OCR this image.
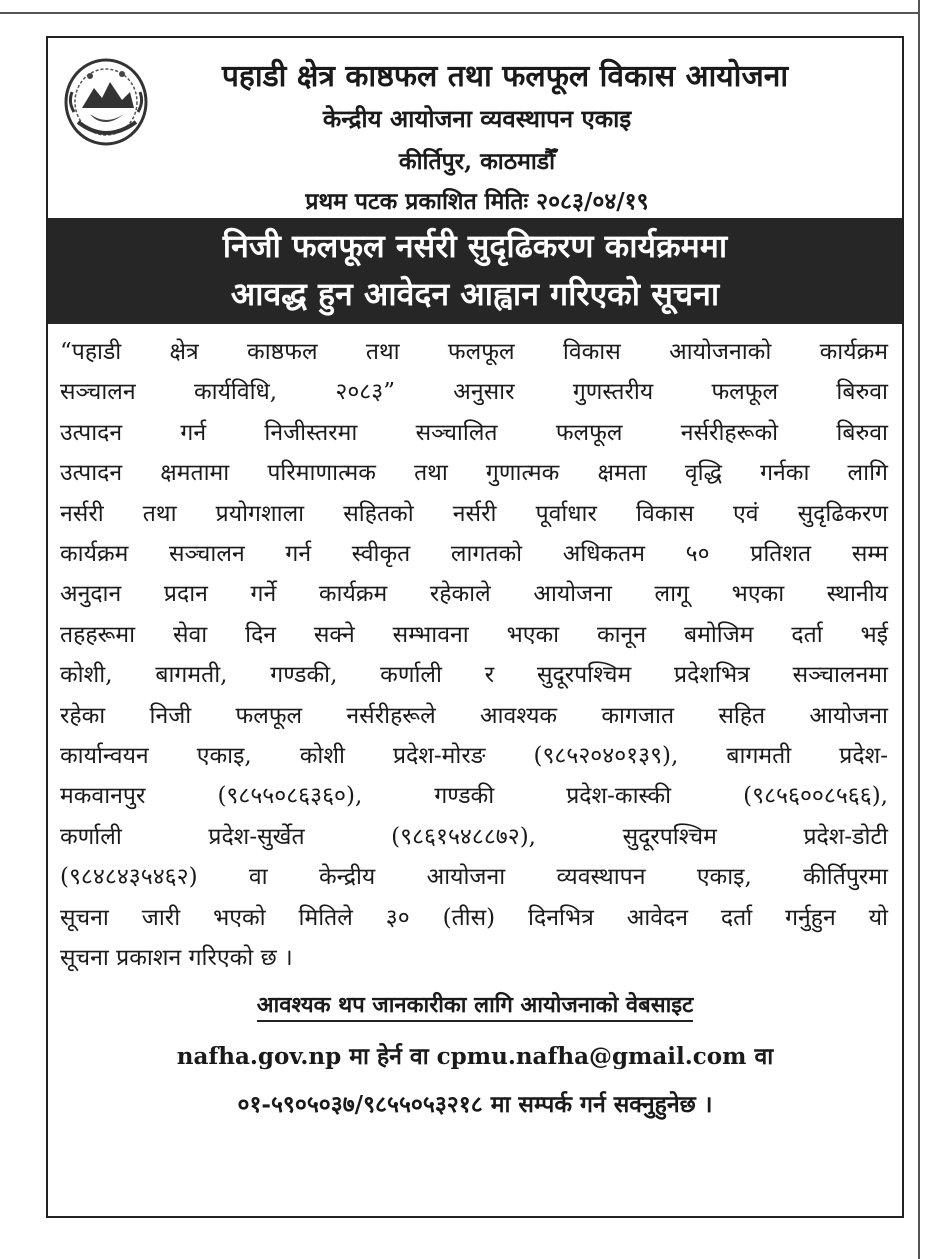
पहाडी क्षेत्र काष्ठफल तथा फलफूल विकास आयोजना
केन्द्रीय आयोजना व्यवस्थापन एकाइ
कीर्तिपुर, काठमाडौँ
प्रथम पटक प्रकाशित मितिः २०८३/०४/१९
निजी फलफूल नर्सरी सुदृढिकरण कार्यक्रममा
आवद्ध हुन आवेदन आह्वान गरिएको सूचना
“पहाडी क्षेत्र काष्ठफल तथा फलफूल विकास आयोजनाको कार्यक्रम
सञ्चालन कार्यविधि, २०८३” अनुसार गुणस्तरीय फलफूल बिरुवा
उत्पादन गर्न निजीस्तरमा सञ्चालित फलफूल नर्सरीहरूको बिरुवा
उत्पादन क्षमतामा परिमाणात्मक तथा गुणात्मक क्षमता वृद्धि गर्नका लागि
नर्सरी तथा प्रयोगशाला सहितको नर्सरी पूर्वाधार विकास एवं सुदृढिकरण
कार्यक्रम सञ्चालन गर्न स्वीकृत लागतको अधिकतम ५० प्रतिशत सम्म
अनुदान प्रदान गर्ने कार्यक्रम रहेकाले आयोजना लागू भएका स्थानीय
तहहरूमा सेवा दिन सक्ने सम्भावना भएका कानून बमोजिम दर्ता भई
कोशी, बागमती, गण्डकी, कर्णाली र सुदूरपश्चिम प्रदेशभित्र सञ्चालनमा
रहेका निजी फलफूल नर्सरीहरूले आवश्यक कागजात सहित आयोजना
कार्यान्वयन एकाइ, कोशी प्रदेश-मोरङ (९८५२०४०१३९), बागमती प्रदेश-
मकवानपुर (९८५५०८६३६०), गण्डकी प्रदेश-कास्की (९८५६००८५६६),
कर्णाली प्रदेश-सुर्खेत (९८६१५४८८७२), सुदूरपश्चिम प्रदेश-डोटी
(९८४८४३५४६२) वा केन्द्रीय आयोजना व्यवस्थापन एकाइ, कीर्तिपुरमा
सूचना जारी भएको मितिले ३० (तीस) दिनभित्र आवेदन दर्ता गर्नुहुन यो
सूचना प्रकाशन गरिएको छ ।
आवश्यक थप जानकारीका लागि आयोजनाको वेबसाइट
nafha.gov.np मा हेर्न वा cpmu.nafha@gmail.com वा
०१-५९०५०३७/९८५५०५३२१८ मा सम्पर्क गर्न सक्नुहुनेछ ।
